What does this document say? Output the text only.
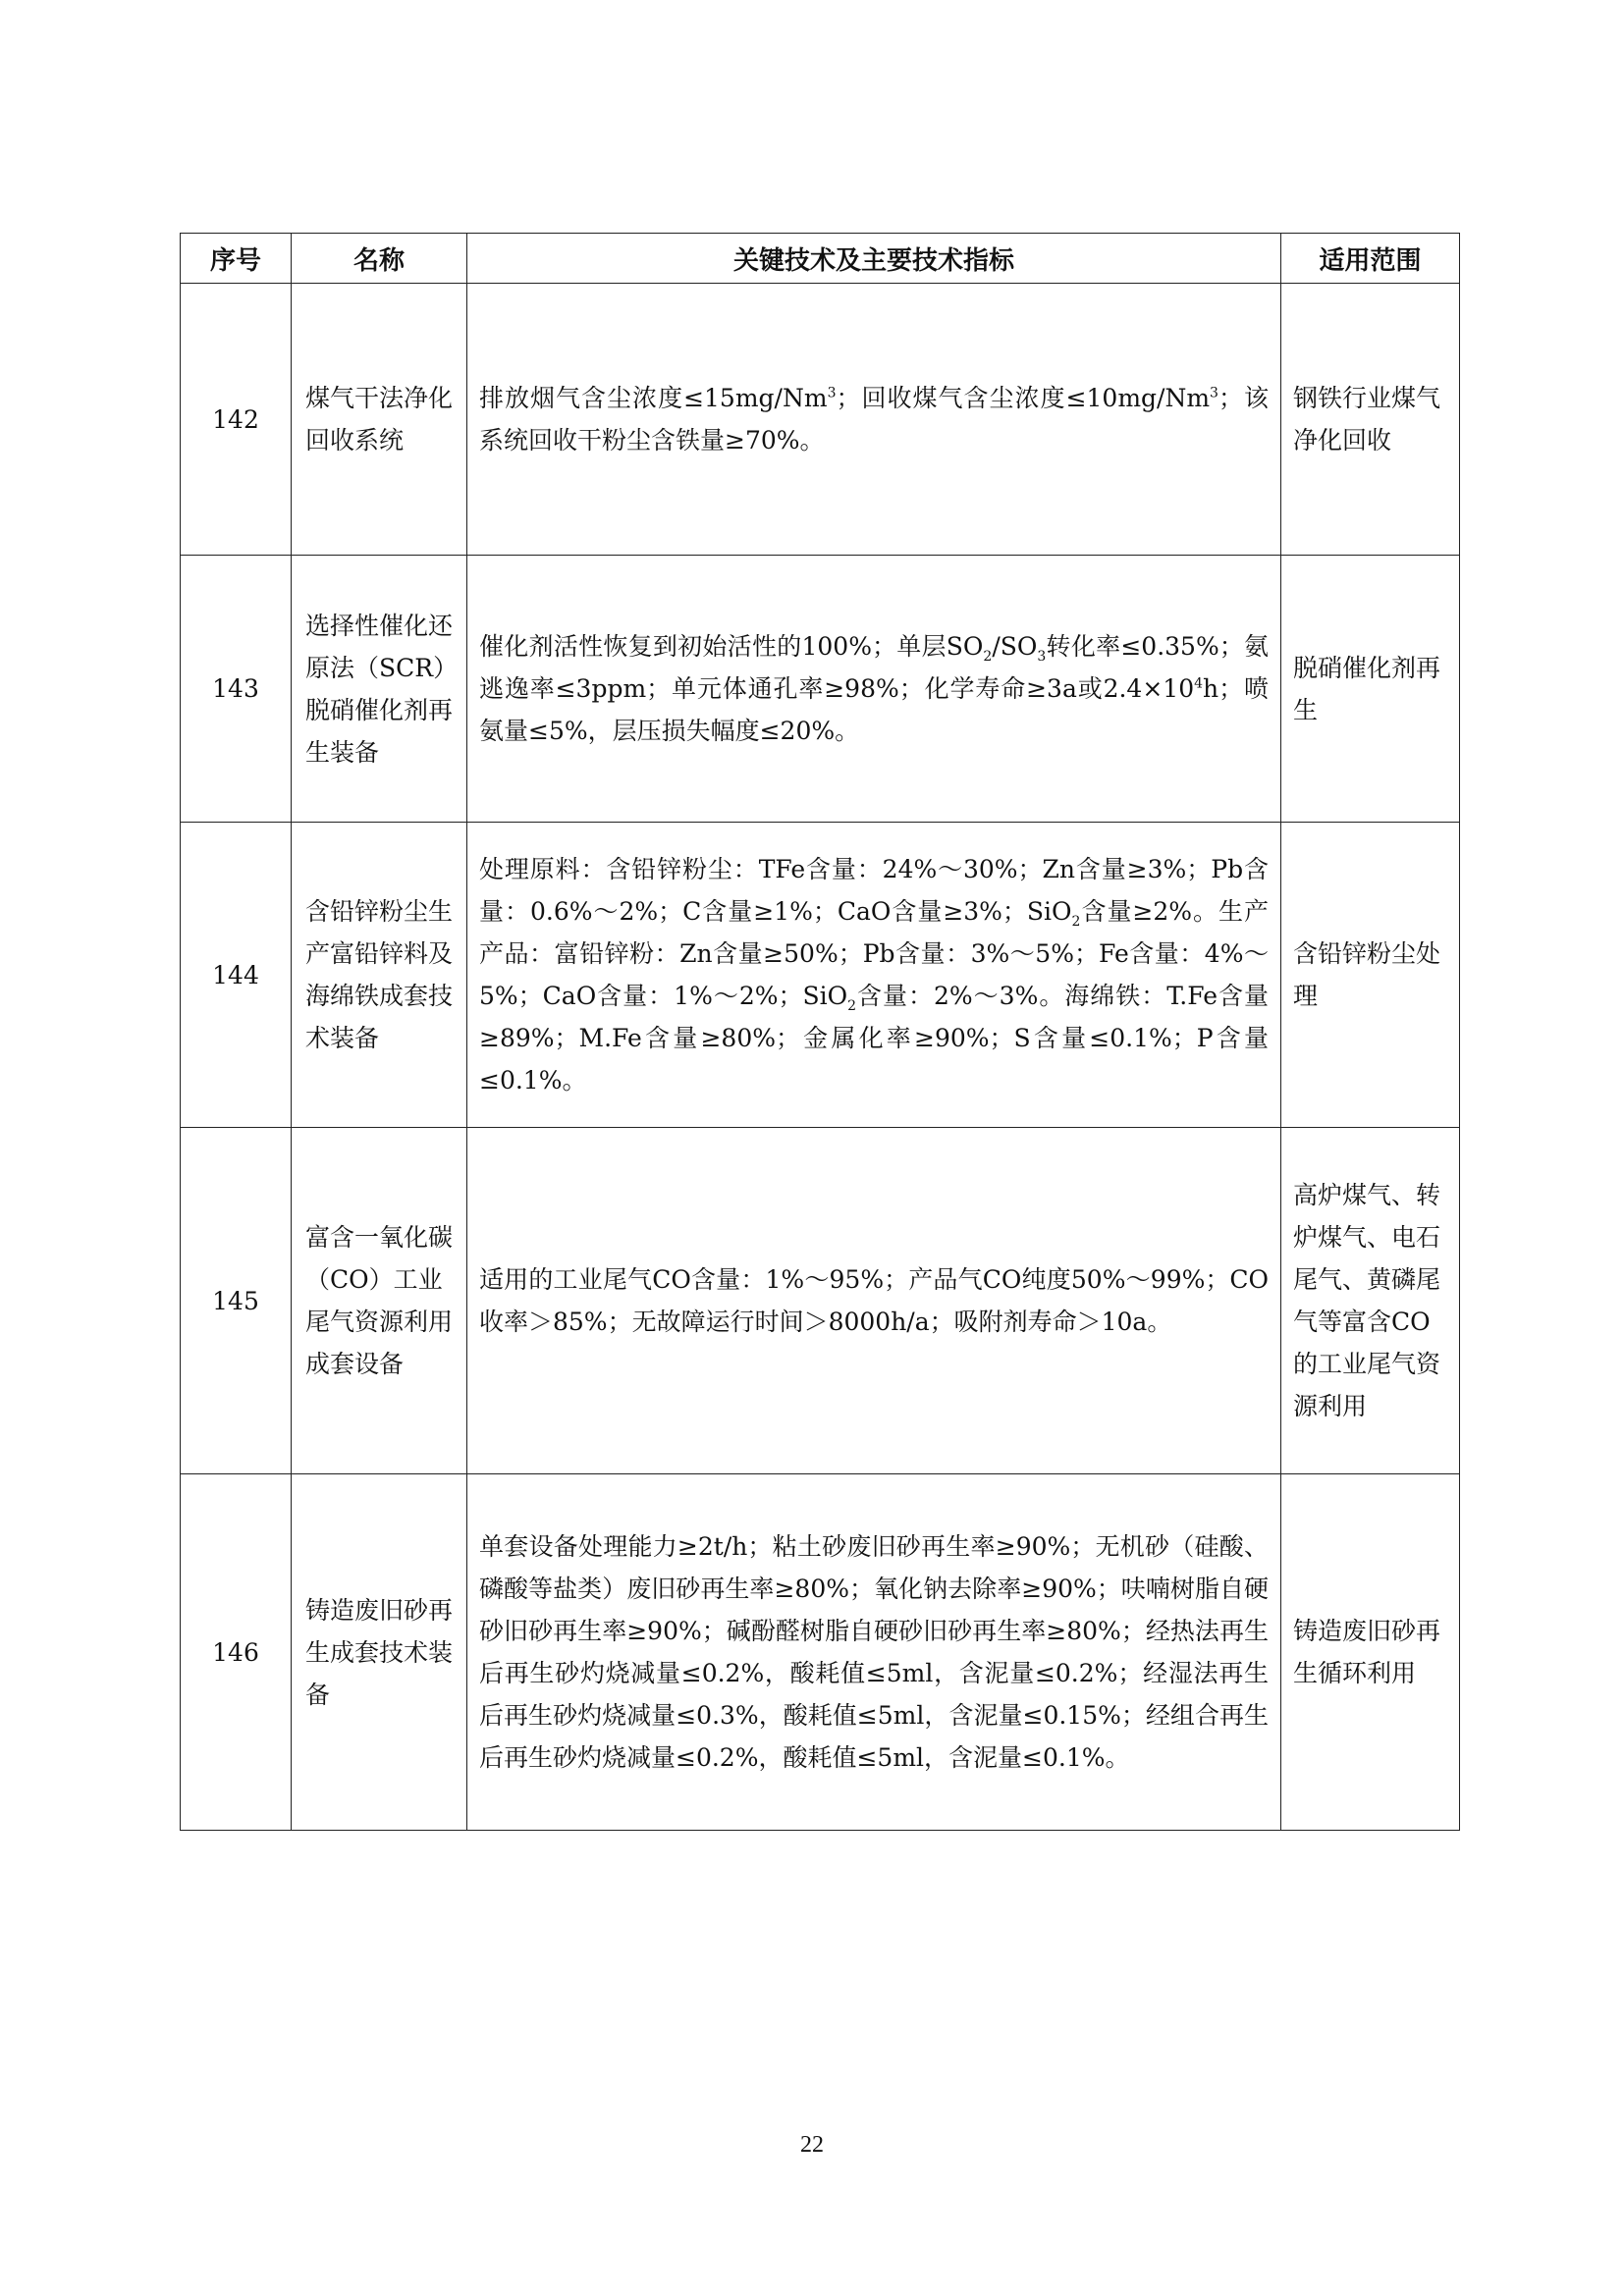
序号	名称	关键技术及主要技术指标	适用范围
142	煤气干法净化回收系统	排放烟气含尘浓度$\le 15mg/Nm^3$；回收煤气含尘浓度$\le 10mg/Nm^3$；该系统回收干粉尘含铁量≥70%。	钢铁行业煤气净化回收
143	选择性催化还原法（SCR）脱硝催化剂再生装备	催化剂活性恢复到初始活性的100%；单层$SO_2/SO_3$转化率≤0.35%；氨逃逸率≤3ppm；单元体通孔率≥98%；化学寿命≥3a或$2.4\times 10^4h$；喷氨量≤5%，层压损失幅度≤20%。	脱硝催化剂再生
144	含铅锌粉尘生产富铅锌料及海绵铁成套技术装备	处理原料：含铅锌粉尘：TFe含量：24%～30%；Zn含量≥3%；Pb含量：0.6%～2%；C含量≥1%；CaO含量≥3%；SiO$_2$含量≥2%。生产产品：富铅锌粉：Zn含量≥50%；Pb含量：3%～5%；Fe含量：4%～5%；CaO含量：1%～2%；SiO$_2$含量：2%～3%。海绵铁：T.Fe含量≥89%；M.Fe含量≥80%；金属化率≥90%；S含量≤0.1%；P含量≤0.1%。	含铅锌粉尘处理
145	富含一氧化碳（CO）工业尾气资源利用成套设备	适用的工业尾气CO含量：1%～95%；产品气CO纯度50%～99%；CO收率＞85%；无故障运行时间＞8000h/a；吸附剂寿命＞10a。	高炉煤气、转炉煤气、电石尾气、黄磷尾气等富含CO的工业尾气资源利用
146	铸造废旧砂再生成套技术装备	单套设备处理能力≥2t/h；粘土砂废旧砂再生率≥90%；无机砂（硅酸、磷酸等盐类）废旧砂再生率≥80%；氧化钠去除率≥90%；呋喃树脂自硬砂旧砂再生率≥90%；碱酚醛树脂自硬砂旧砂再生率≥80%；经热法再生后再生砂灼烧减量≤0.2%，酸耗值≤5ml，含泥量≤0.2%；经湿法再生后再生砂灼烧减量≤0.3%，酸耗值≤5ml，含泥量≤0.15%；经组合再生后再生砂灼烧减量≤0.2%，酸耗值≤5ml，含泥量≤0.1%。	铸造废旧砂再生循环利用
22
